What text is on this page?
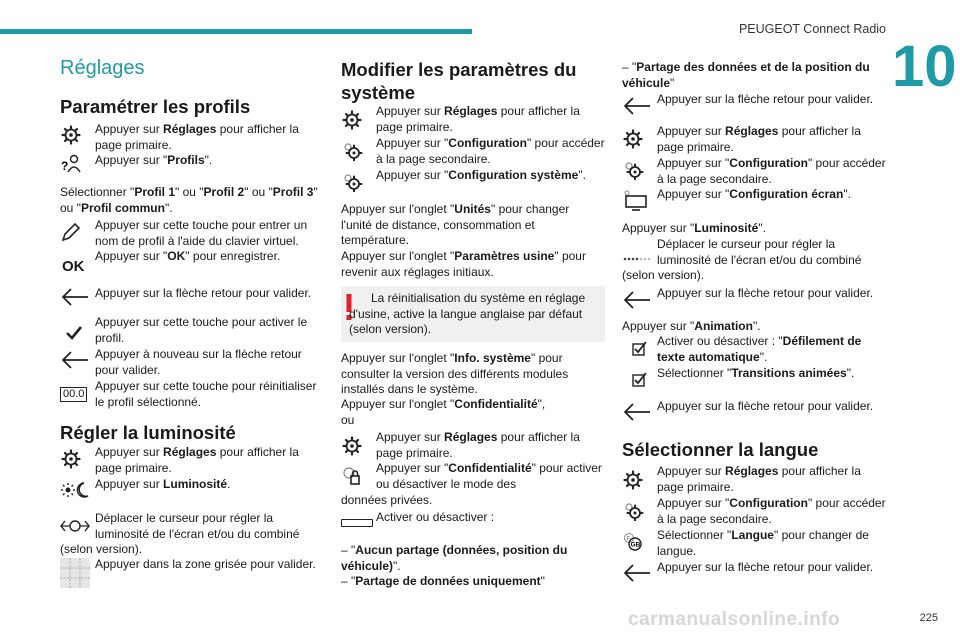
PEUGEOT Connect Radio
10
Réglages
Paramétrer les profils
Appuyer sur Réglages pour afficher la page primaire.
? Appuyer sur "Profils".
Sélectionner "Profil 1" ou "Profil 2" ou "Profil 3" ou "Profil commun".
Appuyer sur cette touche pour entrer un nom de profil à l'aide du clavier virtuel.
OK
Appuyer sur "OK" pour enregistrer.
Appuyer sur la flèche retour pour valider.
Appuyer sur cette touche pour activer le profil.
Appuyer à nouveau sur la flèche retour pour valider.
00.0
Appuyer sur cette touche pour réinitialiser le profil sélectionné.
Régler la luminosité
Appuyer sur Réglages pour afficher la page primaire.
Appuyer sur Luminosité.
Déplacer le curseur pour régler la luminosité de l'écran et/ou du combiné
(selon version).
Appuyer dans la zone grisée pour valider.
Modifier les paramètres du système
Appuyer sur Réglages pour afficher la page primaire.
Appuyer sur "Configuration" pour accéder à la page secondaire.
Appuyer sur "Configuration système".
Appuyer sur l'onglet "Unités" pour changer l'unité de distance, consommation et température.
Appuyer sur l'onglet "Paramètres usine" pour revenir aux réglages initiaux.
La réinitialisation du système en réglage d'usine, active la langue anglaise par défaut (selon version).
Appuyer sur l'onglet "Info. système" pour consulter la version des différents modules installés dans le système.
Appuyer sur l'onglet "Confidentialité",
ou
Appuyer sur Réglages pour afficher la page primaire.
Appuyer sur "Confidentialité" pour activer ou désactiver le mode des
données privées.
Activer ou désactiver :
– "Aucun partage (données, position du véhicule)".
– "Partage de données uniquement"
– "Partage des données et de la position du véhicule"
Appuyer sur la flèche retour pour valider.
Appuyer sur Réglages pour afficher la page primaire.
Appuyer sur "Configuration" pour accéder à la page secondaire.
Appuyer sur "Configuration écran".
Appuyer sur "Luminosité".
Déplacer le curseur pour régler la luminosité de l'écran et/ou du combiné
(selon version).
Appuyer sur la flèche retour pour valider.
Appuyer sur "Animation".
Activer ou désactiver : "Défilement de texte automatique".
Sélectionner "Transitions animées".
Appuyer sur la flèche retour pour valider.
Sélectionner la langue
Appuyer sur Réglages pour afficher la page primaire.
Appuyer sur "Configuration" pour accéder à la page secondaire.
F
GB
Sélectionner "Langue" pour changer de langue.
Appuyer sur la flèche retour pour valider.
carmanualsonline.info	225
